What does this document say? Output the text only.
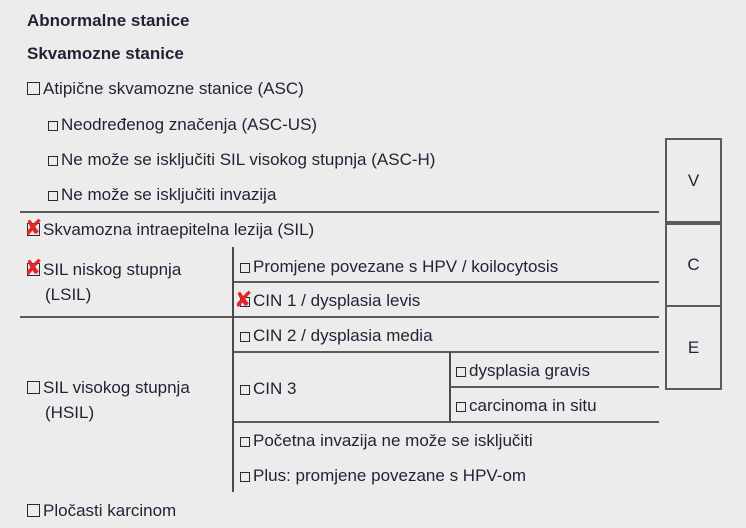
Abnormalne stanice
Skvamozne stanice
Atipične skvamozne stanice (ASC)
Neodređenog značenja (ASC-US)
Ne može se isključiti SIL visokog stupnja (ASC-H)
Ne može se isključiti invazija
✘ Skvamozna intraepitelna lezija (SIL)
✘ SIL niskog stupnja
(LSIL)
Promjene povezane s HPV / koilocytosis
✘ CIN 1 / dysplasia levis
CIN 2 / dysplasia media
SIL visokog stupnja
(HSIL)
CIN 3
dysplasia gravis
carcinoma in situ
Početna invazija ne može se isključiti
Plus: promjene povezane s HPV-om
Pločasti karcinom
V
C
E
